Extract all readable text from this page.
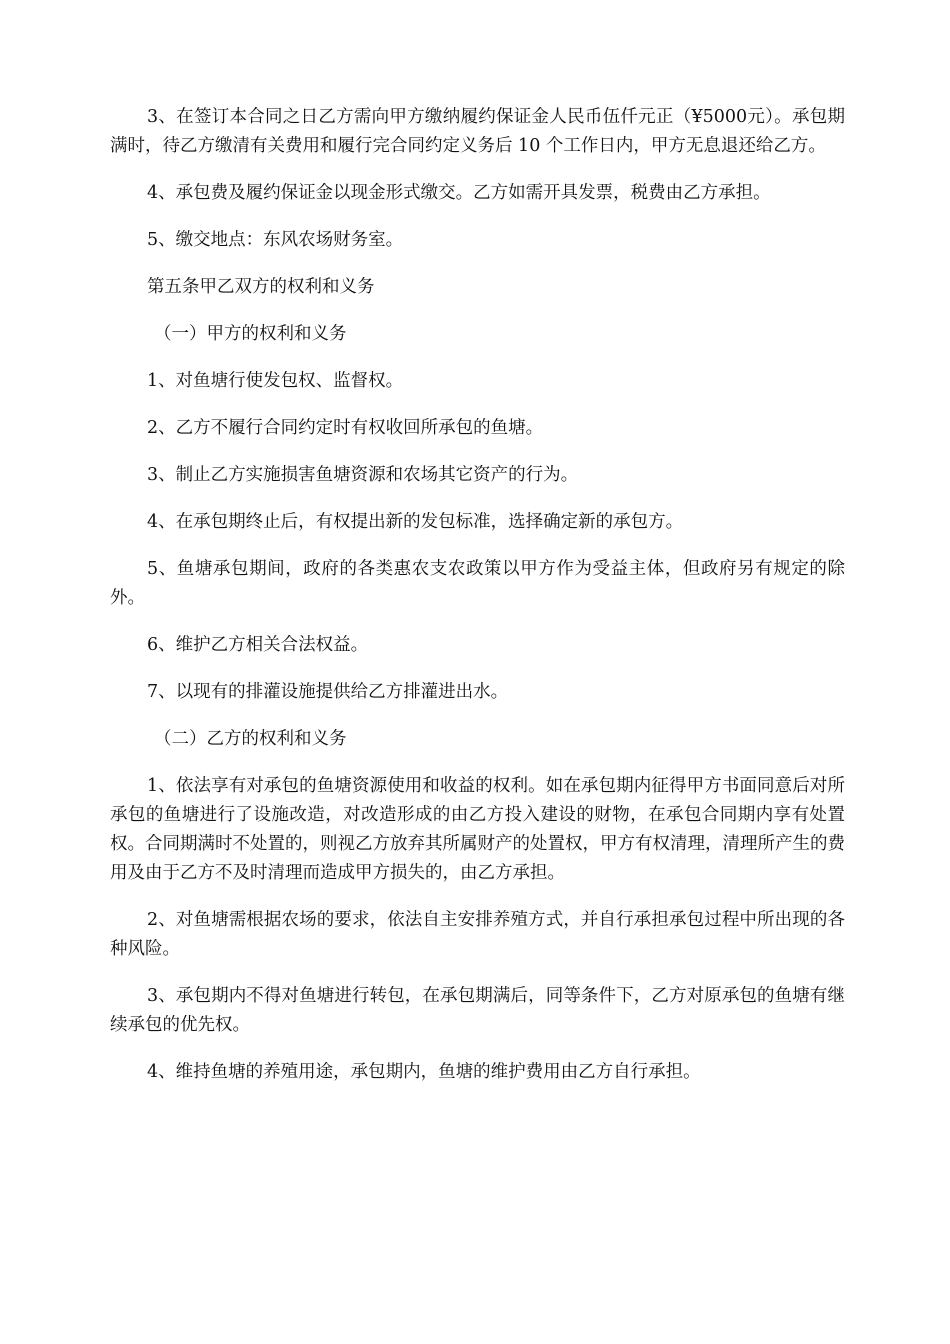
3、在签订本合同之日乙方需向甲方缴纳履约保证金人民币伍仟元正（¥5000元）。承包期满时，待乙方缴清有关费用和履行完合同约定义务后 10 个工作日内，甲方无息退还给乙方。

4、承包费及履约保证金以现金形式缴交。乙方如需开具发票，税费由乙方承担。

5、缴交地点：东风农场财务室。

第五条甲乙双方的权利和义务

（一）甲方的权利和义务

1、对鱼塘行使发包权、监督权。

2、乙方不履行合同约定时有权收回所承包的鱼塘。

3、制止乙方实施损害鱼塘资源和农场其它资产的行为。

4、在承包期终止后，有权提出新的发包标准，选择确定新的承包方。

5、鱼塘承包期间，政府的各类惠农支农政策以甲方作为受益主体，但政府另有规定的除外。

6、维护乙方相关合法权益。

7、以现有的排灌设施提供给乙方排灌进出水。

（二）乙方的权利和义务

1、依法享有对承包的鱼塘资源使用和收益的权利。如在承包期内征得甲方书面同意后对所承包的鱼塘进行了设施改造，对改造形成的由乙方投入建设的财物，在承包合同期内享有处置权。合同期满时不处置的，则视乙方放弃其所属财产的处置权，甲方有权清理，清理所产生的费用及由于乙方不及时清理而造成甲方损失的，由乙方承担。

2、对鱼塘需根据农场的要求，依法自主安排养殖方式，并自行承担承包过程中所出现的各种风险。

3、承包期内不得对鱼塘进行转包，在承包期满后，同等条件下，乙方对原承包的鱼塘有继续承包的优先权。

4、维持鱼塘的养殖用途，承包期内，鱼塘的维护费用由乙方自行承担。
